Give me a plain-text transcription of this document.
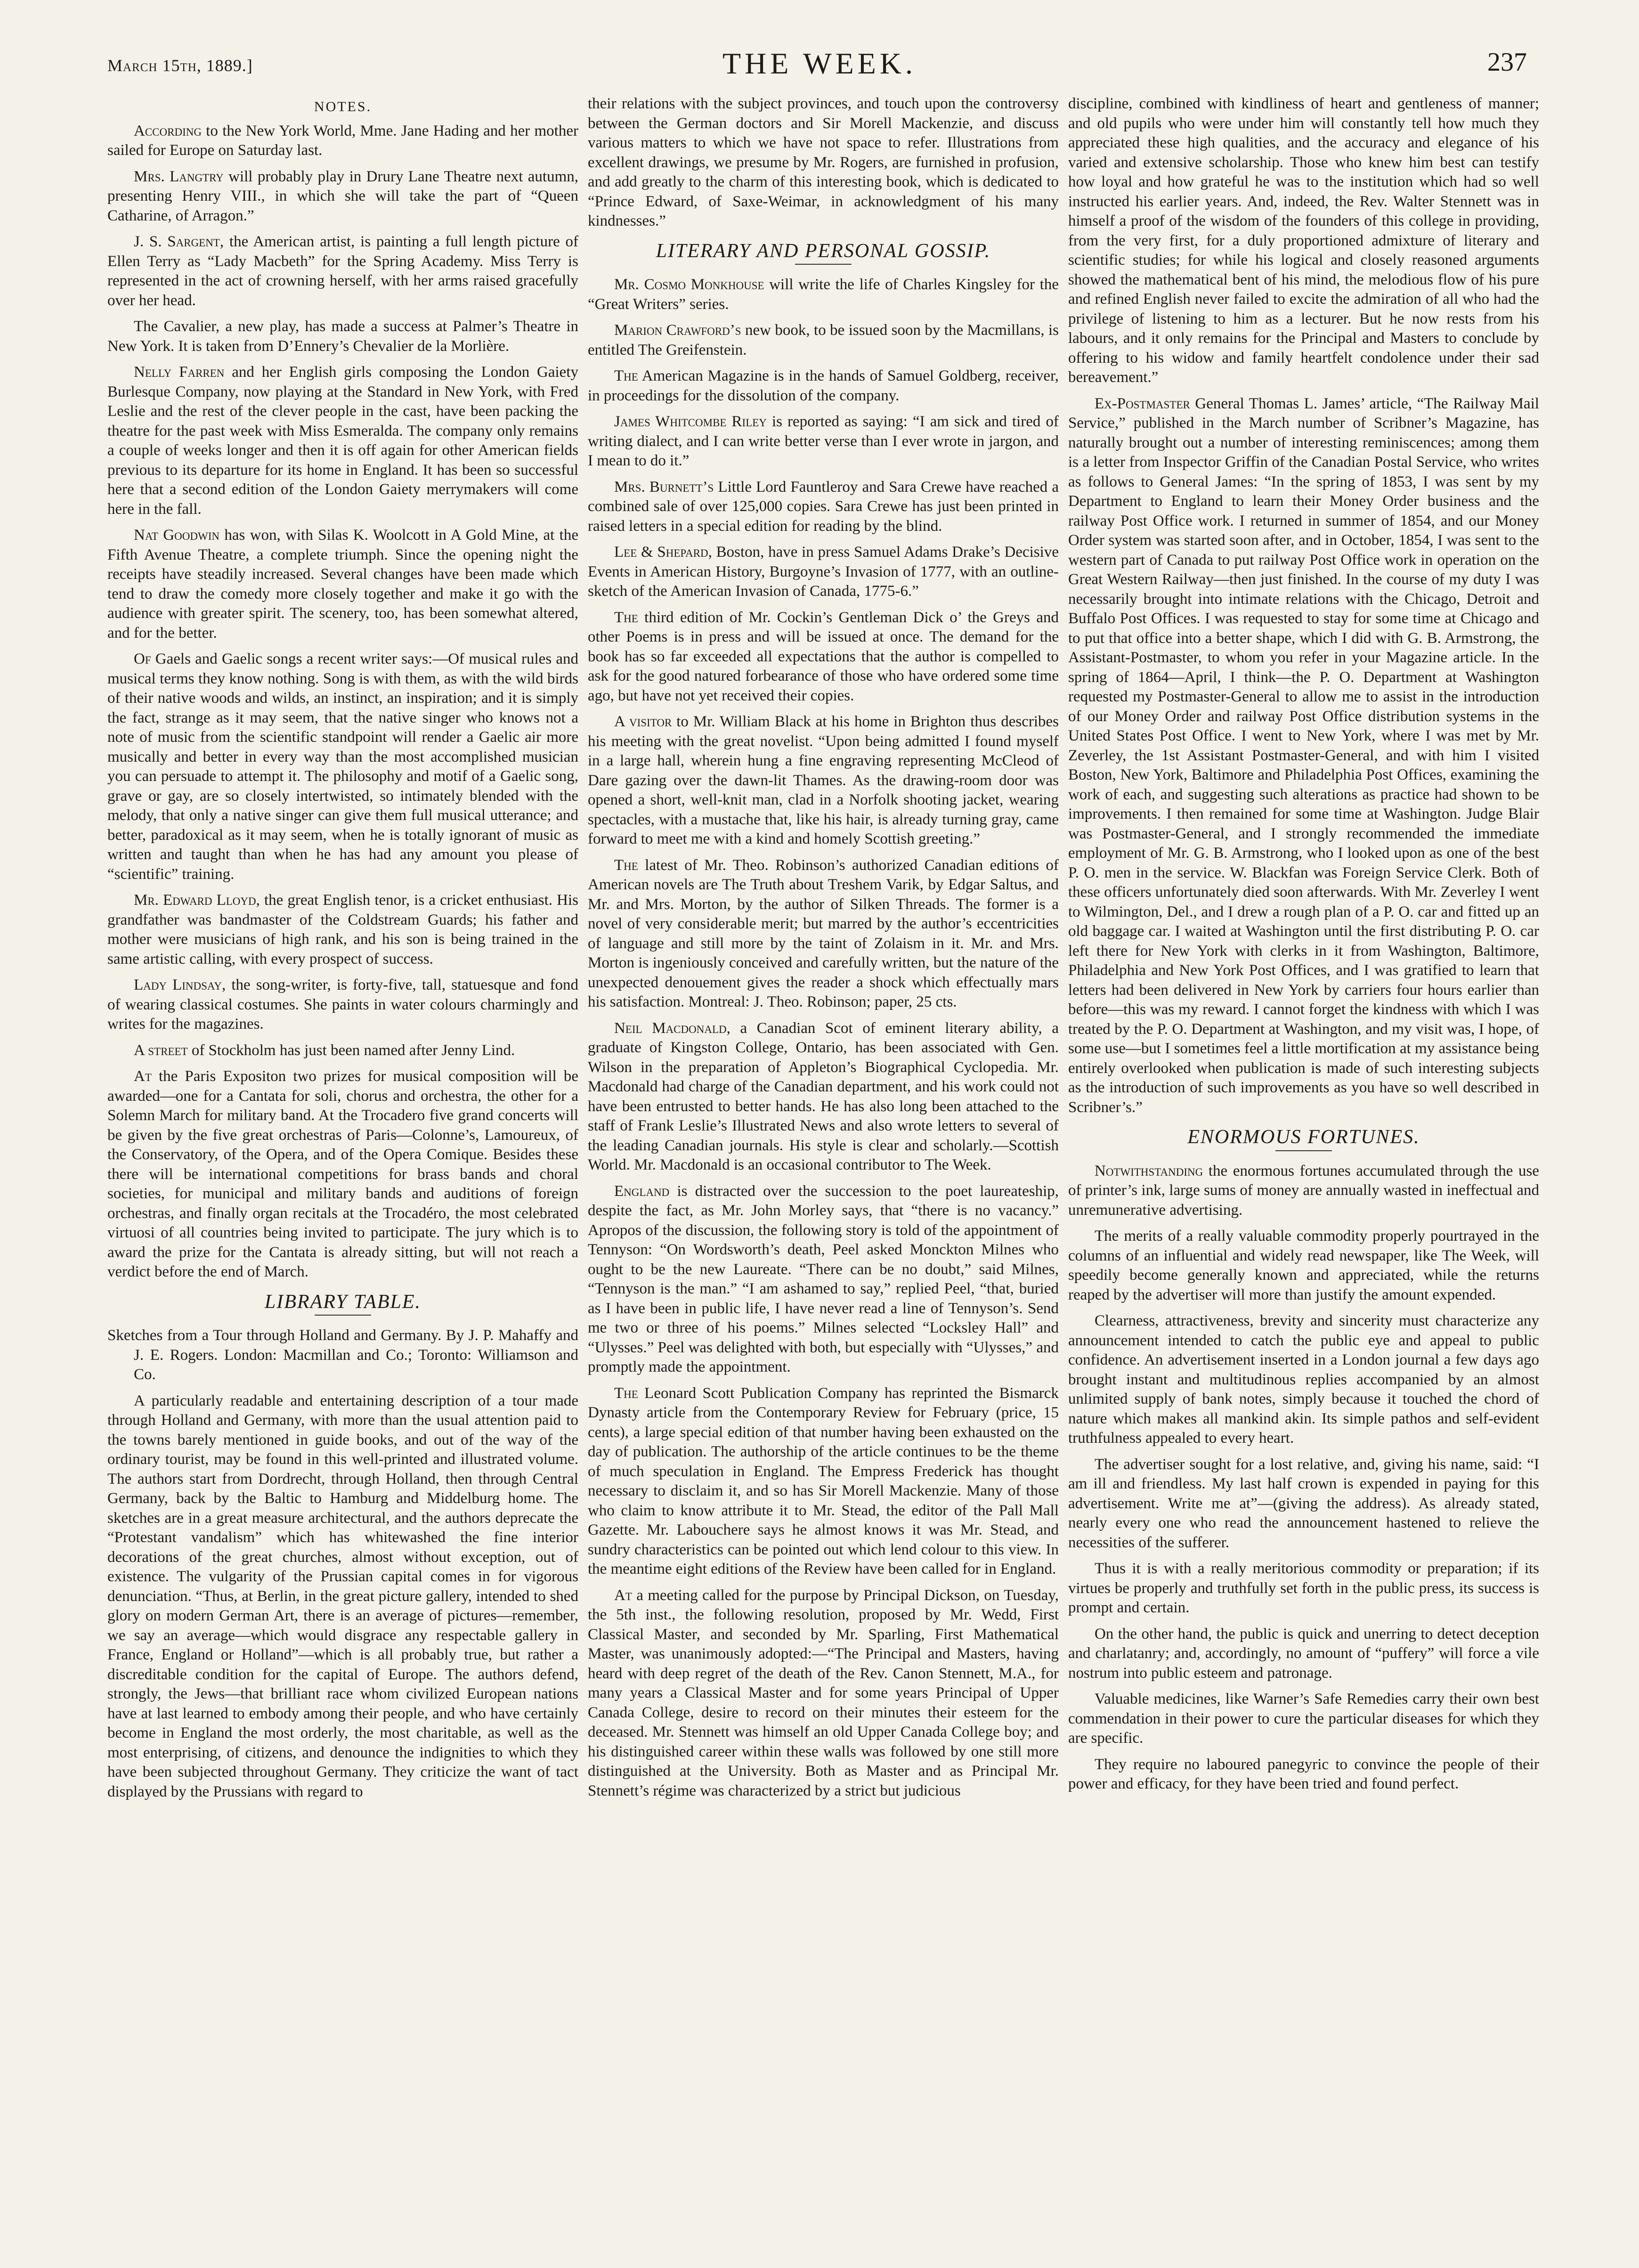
March 15th, 1889.]	THE WEEK.	237
NOTES.

According to the New York World, Mme. Jane Hading and her mother sailed for Europe on Saturday last.

Mrs. Langtry will probably play in Drury Lane Theatre next autumn, presenting Henry VIII., in which she will take the part of “Queen Catharine, of Arragon.”

J. S. Sargent, the American artist, is painting a full length picture of Ellen Terry as “Lady Macbeth” for the Spring Academy. Miss Terry is represented in the act of crowning herself, with her arms raised gracefully over her head.

The Cavalier, a new play, has made a success at Palmer’s Theatre in New York. It is taken from D’Ennery’s Chevalier de la Morlière.

Nelly Farren and her English girls composing the London Gaiety Burlesque Company, now playing at the Standard in New York, with Fred Leslie and the rest of the clever people in the cast, have been packing the theatre for the past week with Miss Esmeralda. The company only remains a couple of weeks longer and then it is off again for other American fields previous to its departure for its home in England. It has been so successful here that a second edition of the London Gaiety merrymakers will come here in the fall.

Nat Goodwin has won, with Silas K. Woolcott in A Gold Mine, at the Fifth Avenue Theatre, a complete triumph. Since the opening night the receipts have steadily increased. Several changes have been made which tend to draw the comedy more closely together and make it go with the audience with greater spirit. The scenery, too, has been somewhat altered, and for the better.

Of Gaels and Gaelic songs a recent writer says:—Of musical rules and musical terms they know nothing. Song is with them, as with the wild birds of their native woods and wilds, an instinct, an inspiration; and it is simply the fact, strange as it may seem, that the native singer who knows not a note of music from the scientific standpoint will render a Gaelic air more musically and better in every way than the most accomplished musician you can persuade to attempt it. The philosophy and motif of a Gaelic song, grave or gay, are so closely intertwisted, so intimately blended with the melody, that only a native singer can give them full musical utterance; and better, paradoxical as it may seem, when he is totally ignorant of music as written and taught than when he has had any amount you please of “scientific” training.

Mr. Edward Lloyd, the great English tenor, is a cricket enthusiast. His grandfather was bandmaster of the Coldstream Guards; his father and mother were musicians of high rank, and his son is being trained in the same artistic calling, with every prospect of success.

Lady Lindsay, the song-writer, is forty-five, tall, statuesque and fond of wearing classical costumes. She paints in water colours charmingly and writes for the magazines.

A street of Stockholm has just been named after Jenny Lind.

At the Paris Expositon two prizes for musical composition will be awarded—one for a Cantata for soli, chorus and orchestra, the other for a Solemn March for military band. At the Trocadero five grand concerts will be given by the five great orchestras of Paris—Colonne’s, Lamoureux, of the Conservatory, of the Opera, and of the Opera Comique. Besides these there will be international competitions for brass bands and choral societies, for municipal and military bands and auditions of foreign orchestras, and finally organ recitals at the Trocadéro, the most celebrated virtuosi of all countries being invited to participate. The jury which is to award the prize for the Cantata is already sitting, but will not reach a verdict before the end of March.

LIBRARY TABLE.

Sketches from a Tour through Holland and Germany. By J. P. Mahaffy and J. E. Rogers. London: Macmillan and Co.; Toronto: Williamson and Co.

A particularly readable and entertaining description of a tour made through Holland and Germany, with more than the usual attention paid to the towns barely mentioned in guide books, and out of the way of the ordinary tourist, may be found in this well-printed and illustrated volume. The authors start from Dordrecht, through Holland, then through Central Germany, back by the Baltic to Hamburg and Middelburg home. The sketches are in a great measure architectural, and the authors deprecate the “Protestant vandalism” which has whitewashed the fine interior decorations of the great churches, almost without exception, out of existence. The vulgarity of the Prussian capital comes in for vigorous denunciation. “Thus, at Berlin, in the great picture gallery, intended to shed glory on modern German Art, there is an average of pictures—remember, we say an average—which would disgrace any respectable gallery in France, England or Holland”—which is all probably true, but rather a discreditable condition for the capital of Europe. The authors defend, strongly, the Jews—that brilliant race whom civilized European nations have at last learned to embody among their people, and who have certainly become in England the most orderly, the most charitable, as well as the most enterprising, of citizens, and denounce the indignities to which they have been subjected throughout Germany. They criticize the want of tact displayed by the Prussians with regard to

their relations with the subject provinces, and touch upon the controversy between the German doctors and Sir Morell Mackenzie, and discuss various matters to which we have not space to refer. Illustrations from excellent drawings, we presume by Mr. Rogers, are furnished in profusion, and add greatly to the charm of this interesting book, which is dedicated to “Prince Edward, of Saxe-Weimar, in acknowledgment of his many kindnesses.”

LITERARY AND PERSONAL GOSSIP.

Mr. Cosmo Monkhouse will write the life of Charles Kingsley for the “Great Writers” series.

Marion Crawford’s new book, to be issued soon by the Macmillans, is entitled The Greifenstein.

The American Magazine is in the hands of Samuel Goldberg, receiver, in proceedings for the dissolution of the company.

James Whitcombe Riley is reported as saying: “I am sick and tired of writing dialect, and I can write better verse than I ever wrote in jargon, and I mean to do it.”

Mrs. Burnett’s Little Lord Fauntleroy and Sara Crewe have reached a combined sale of over 125,000 copies. Sara Crewe has just been printed in raised letters in a special edition for reading by the blind.

Lee & Shepard, Boston, have in press Samuel Adams Drake’s Decisive Events in American History, Burgoyne’s Invasion of 1777, with an outline-sketch of the American Invasion of Canada, 1775-6.”

The third edition of Mr. Cockin’s Gentleman Dick o’ the Greys and other Poems is in press and will be issued at once. The demand for the book has so far exceeded all expectations that the author is compelled to ask for the good natured forbearance of those who have ordered some time ago, but have not yet received their copies.

A visitor to Mr. William Black at his home in Brighton thus describes his meeting with the great novelist. “Upon being admitted I found myself in a large hall, wherein hung a fine engraving representing McCleod of Dare gazing over the dawn-lit Thames. As the drawing-room door was opened a short, well-knit man, clad in a Norfolk shooting jacket, wearing spectacles, with a mustache that, like his hair, is already turning gray, came forward to meet me with a kind and homely Scottish greeting.”

The latest of Mr. Theo. Robinson’s authorized Canadian editions of American novels are The Truth about Treshem Varik, by Edgar Saltus, and Mr. and Mrs. Morton, by the author of Silken Threads. The former is a novel of very considerable merit; but marred by the author’s eccentricities of language and still more by the taint of Zolaism in it. Mr. and Mrs. Morton is ingeniously conceived and carefully written, but the nature of the unexpected denouement gives the reader a shock which effectually mars his satisfaction. Montreal: J. Theo. Robinson; paper, 25 cts.

Neil Macdonald, a Canadian Scot of eminent literary ability, a graduate of Kingston College, Ontario, has been associated with Gen. Wilson in the preparation of Appleton’s Biographical Cyclopedia. Mr. Macdonald had charge of the Canadian department, and his work could not have been entrusted to better hands. He has also long been attached to the staff of Frank Leslie’s Illustrated News and also wrote letters to several of the leading Canadian journals. His style is clear and scholarly.—Scottish World. Mr. Macdonald is an occasional contributor to The Week.

England is distracted over the succession to the poet laureateship, despite the fact, as Mr. John Morley says, that “there is no vacancy.” Apropos of the discussion, the following story is told of the appointment of Tennyson: “On Wordsworth’s death, Peel asked Monckton Milnes who ought to be the new Laureate. “There can be no doubt,” said Milnes, “Tennyson is the man.” “I am ashamed to say,” replied Peel, “that, buried as I have been in public life, I have never read a line of Tennyson’s. Send me two or three of his poems.” Milnes selected “Locksley Hall” and “Ulysses.” Peel was delighted with both, but especially with “Ulysses,” and promptly made the appointment.

The Leonard Scott Publication Company has reprinted the Bismarck Dynasty article from the Contemporary Review for February (price, 15 cents), a large special edition of that number having been exhausted on the day of publication. The authorship of the article continues to be the theme of much speculation in England. The Empress Frederick has thought necessary to disclaim it, and so has Sir Morell Mackenzie. Many of those who claim to know attribute it to Mr. Stead, the editor of the Pall Mall Gazette. Mr. Labouchere says he almost knows it was Mr. Stead, and sundry characteristics can be pointed out which lend colour to this view. In the meantime eight editions of the Review have been called for in England.

At a meeting called for the purpose by Principal Dickson, on Tuesday, the 5th inst., the following resolution, proposed by Mr. Wedd, First Classical Master, and seconded by Mr. Sparling, First Mathematical Master, was unanimously adopted:—“The Principal and Masters, having heard with deep regret of the death of the Rev. Canon Stennett, M.A., for many years a Classical Master and for some years Principal of Upper Canada College, desire to record on their minutes their esteem for the deceased. Mr. Stennett was himself an old Upper Canada College boy; and his distinguished career within these walls was followed by one still more distinguished at the University. Both as Master and as Principal Mr. Stennett’s régime was characterized by a strict but judicious

discipline, combined with kindliness of heart and gentleness of manner; and old pupils who were under him will constantly tell how much they appreciated these high qualities, and the accuracy and elegance of his varied and extensive scholarship. Those who knew him best can testify how loyal and how grateful he was to the institution which had so well instructed his earlier years. And, indeed, the Rev. Walter Stennett was in himself a proof of the wisdom of the founders of this college in providing, from the very first, for a duly proportioned admixture of literary and scientific studies; for while his logical and closely reasoned arguments showed the mathematical bent of his mind, the melodious flow of his pure and refined English never failed to excite the admiration of all who had the privilege of listening to him as a lecturer. But he now rests from his labours, and it only remains for the Principal and Masters to conclude by offering to his widow and family heartfelt condolence under their sad bereavement.”

Ex-Postmaster General Thomas L. James’ article, “The Railway Mail Service,” published in the March number of Scribner’s Magazine, has naturally brought out a number of interesting reminiscences; among them is a letter from Inspector Griffin of the Canadian Postal Service, who writes as follows to General James: “In the spring of 1853, I was sent by my Department to England to learn their Money Order business and the railway Post Office work. I returned in summer of 1854, and our Money Order system was started soon after, and in October, 1854, I was sent to the western part of Canada to put railway Post Office work in operation on the Great Western Railway—then just finished. In the course of my duty I was necessarily brought into intimate relations with the Chicago, Detroit and Buffalo Post Offices. I was requested to stay for some time at Chicago and to put that office into a better shape, which I did with G. B. Armstrong, the Assistant-Postmaster, to whom you refer in your Magazine article. In the spring of 1864—April, I think—the P. O. Department at Washington requested my Postmaster-General to allow me to assist in the introduction of our Money Order and railway Post Office distribution systems in the United States Post Office. I went to New York, where I was met by Mr. Zeverley, the 1st Assistant Postmaster-General, and with him I visited Boston, New York, Baltimore and Philadelphia Post Offices, examining the work of each, and suggesting such alterations as practice had shown to be improvements. I then remained for some time at Washington. Judge Blair was Postmaster-General, and I strongly recommended the immediate employment of Mr. G. B. Armstrong, who I looked upon as one of the best P. O. men in the service. W. Blackfan was Foreign Service Clerk. Both of these officers unfortunately died soon afterwards. With Mr. Zeverley I went to Wilmington, Del., and I drew a rough plan of a P. O. car and fitted up an old baggage car. I waited at Washington until the first distributing P. O. car left there for New York with clerks in it from Washington, Baltimore, Philadelphia and New York Post Offices, and I was gratified to learn that letters had been delivered in New York by carriers four hours earlier than before—this was my reward. I cannot forget the kindness with which I was treated by the P. O. Department at Washington, and my visit was, I hope, of some use—but I sometimes feel a little mortification at my assistance being entirely overlooked when publication is made of such interesting subjects as the introduction of such improvements as you have so well described in Scribner’s.”

ENORMOUS FORTUNES.

Notwithstanding the enormous fortunes accumulated through the use of printer’s ink, large sums of money are annually wasted in ineffectual and unremunerative advertising.

The merits of a really valuable commodity properly pourtrayed in the columns of an influential and widely read newspaper, like The Week, will speedily become generally known and appreciated, while the returns reaped by the advertiser will more than justify the amount expended.

Clearness, attractiveness, brevity and sincerity must characterize any announcement intended to catch the public eye and appeal to public confidence. An advertisement inserted in a London journal a few days ago brought instant and multitudinous replies accompanied by an almost unlimited supply of bank notes, simply because it touched the chord of nature which makes all mankind akin. Its simple pathos and self-evident truthfulness appealed to every heart.

The advertiser sought for a lost relative, and, giving his name, said: “I am ill and friendless. My last half crown is expended in paying for this advertisement. Write me at”—(giving the address). As already stated, nearly every one who read the announcement hastened to relieve the necessities of the sufferer.

Thus it is with a really meritorious commodity or preparation; if its virtues be properly and truthfully set forth in the public press, its success is prompt and certain.

On the other hand, the public is quick and unerring to detect deception and charlatanry; and, accordingly, no amount of “puffery” will force a vile nostrum into public esteem and patronage.

Valuable medicines, like Warner’s Safe Remedies carry their own best commendation in their power to cure the particular diseases for which they are specific.

They require no laboured panegyric to convince the people of their power and efficacy, for they have been tried and found perfect.
